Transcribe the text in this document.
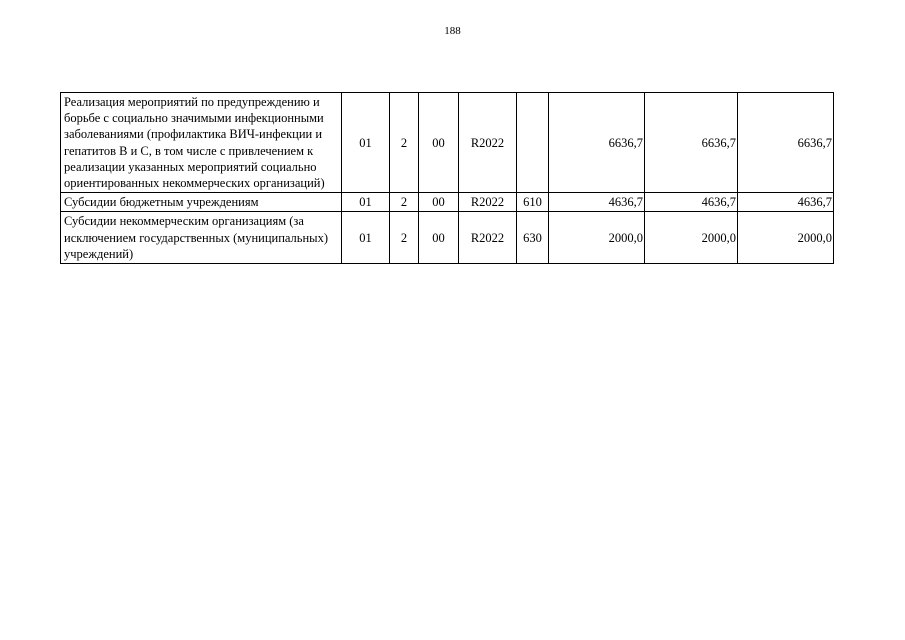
188
Реализация мероприятий по предупреждению и борьбе с социально значимыми инфекционными заболеваниями (профилактика ВИЧ-инфекции и гепатитов В и С, в том числе с привлечением к реализации указанных мероприятий социально ориентированных некоммерческих организаций)	01	2	00	R2022		6636,7	6636,7	6636,7
Субсидии бюджетным учреждениям	01	2	00	R2022	610	4636,7	4636,7	4636,7
Субсидии некоммерческим организациям (за исключением государственных (муниципальных) учреждений)	01	2	00	R2022	630	2000,0	2000,0	2000,0
